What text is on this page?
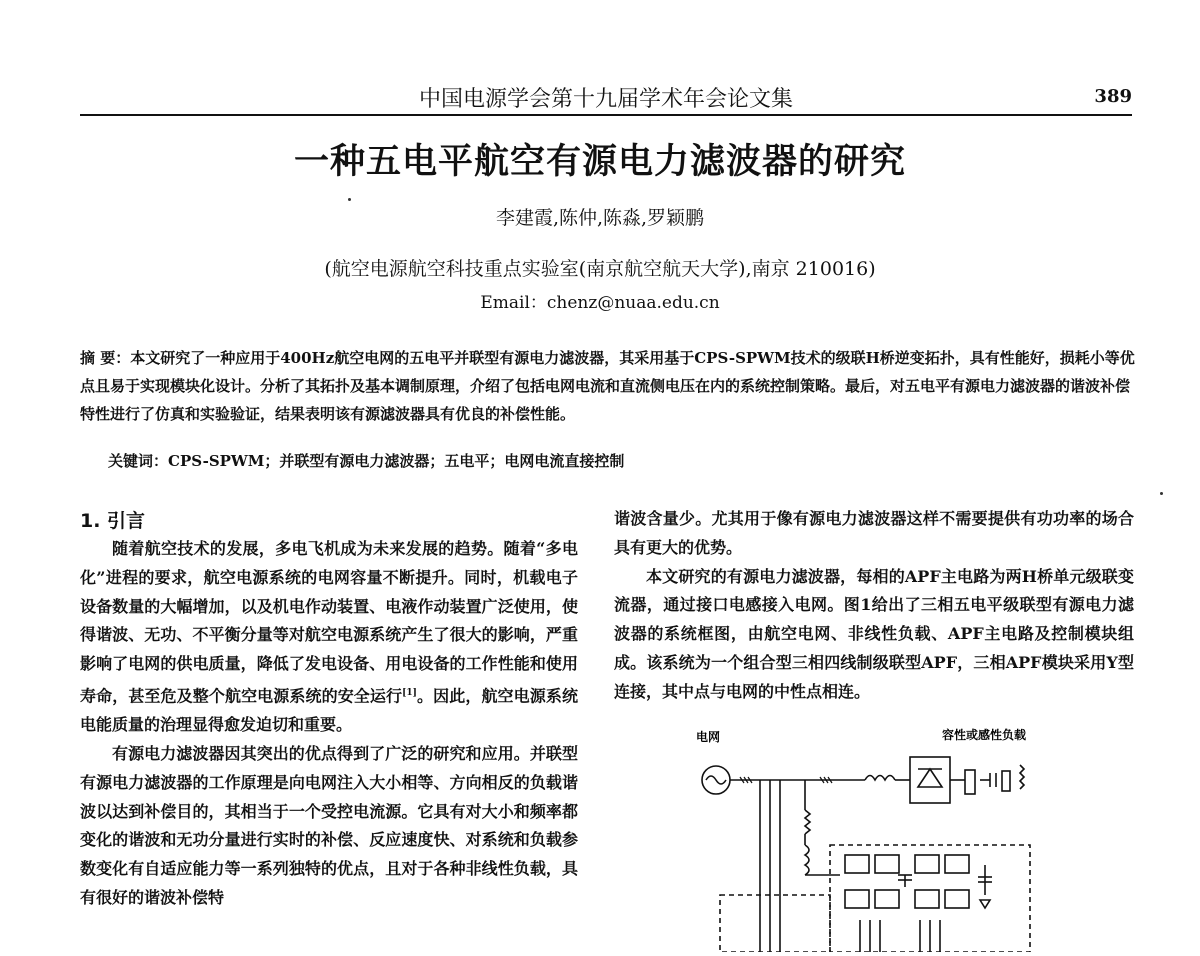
中国电源学会第十九届学术年会论文集	389
一种五电平航空有源电力滤波器的研究
李建霞,陈仲,陈淼,罗颖鹏
(航空电源航空科技重点实验室(南京航空航天大学),南京 210016)
Email：chenz@nuaa.edu.cn
摘 要：本文研究了一种应用于400Hz航空电网的五电平并联型有源电力滤波器，其采用基于CPS-SPWM技术的级联H桥逆变拓扑，具有性能好，损耗小等优点且易于实现模块化设计。分析了其拓扑及基本调制原理，介绍了包括电网电流和直流侧电压在内的系统控制策略。最后，对五电平有源电力滤波器的谐波补偿特性进行了仿真和实验验证，结果表明该有源滤波器具有优良的补偿性能。
关键词：CPS-SPWM；并联型有源电力滤波器；五电平；电网电流直接控制
1. 引言

随着航空技术的发展，多电飞机成为未来发展的趋势。随着“多电化”进程的要求，航空电源系统的电网容量不断提升。同时，机载电子设备数量的大幅增加，以及机电作动装置、电液作动装置广泛使用，使得谐波、无功、不平衡分量等对航空电源系统产生了很大的影响，严重影响了电网的供电质量，降低了发电设备、用电设备的工作性能和使用寿命，甚至危及整个航空电源系统的安全运行[1]。因此，航空电源系统电能质量的治理显得愈发迫切和重要。

有源电力滤波器因其突出的优点得到了广泛的研究和应用。并联型有源电力滤波器的工作原理是向电网注入大小相等、方向相反的负载谐波以达到补偿目的，其相当于一个受控电流源。它具有对大小和频率都变化的谐波和无功分量进行实时的补偿、反应速度快、对系统和负载参数变化有自适应能力等一系列独特的优点，且对于各种非线性负载，具有很好的谐波补偿特

谐波含量少。尤其用于像有源电力滤波器这样不需要提供有功功率的场合具有更大的优势。

本文研究的有源电力滤波器，每相的APF主电路为两H桥单元级联变流器，通过接口电感接入电网。图1给出了三相五电平级联型有源电力滤波器的系统框图，由航空电网、非线性负载、APF主电路及控制模块组成。该系统为一个组合型三相四线制级联型APF，三相APF模块采用Y型连接，其中点与电网的中性点相连。

电网	容性或感性负载
